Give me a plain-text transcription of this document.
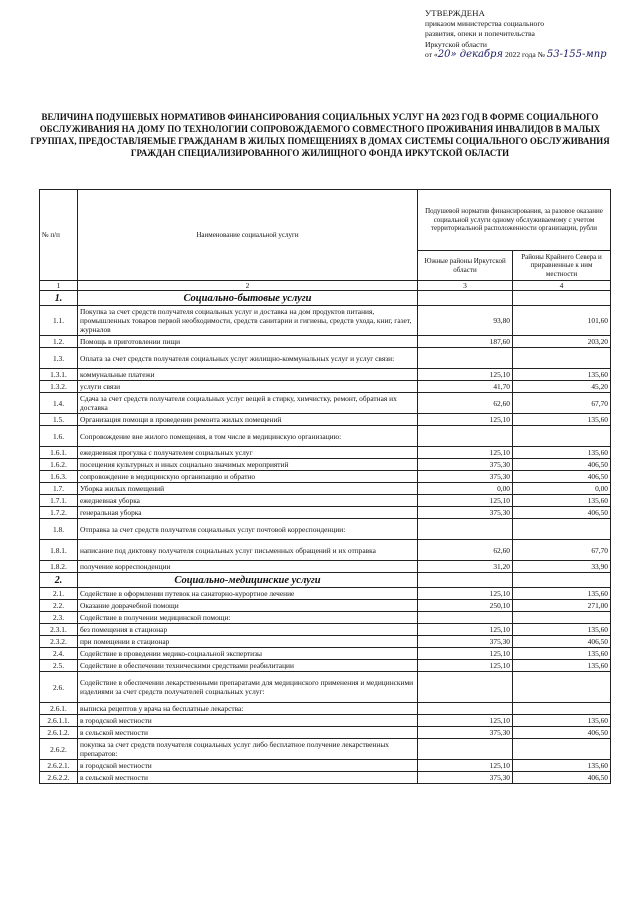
УТВЕРЖДЕНА
приказом министерства социального
развития, опеки и попечительства
Иркутской области
от «20» декабря 2022 года № 53-155-мпр
ВЕЛИЧИНА ПОДУШЕВЫХ НОРМАТИВОВ ФИНАНСИРОВАНИЯ СОЦИАЛЬНЫХ УСЛУГ НА 2023 ГОД В ФОРМЕ СОЦИАЛЬНОГО ОБСЛУЖИВАНИЯ НА ДОМУ ПО ТЕХНОЛОГИИ СОПРОВОЖДАЕМОГО СОВМЕСТНОГО ПРОЖИВАНИЯ ИНВАЛИДОВ В МАЛЫХ ГРУППАХ, ПРЕДОСТАВЛЯЕМЫЕ ГРАЖДАНАМ В ЖИЛЫХ ПОМЕЩЕНИЯХ В ДОМАХ СИСТЕМЫ СОЦИАЛЬНОГО ОБСЛУЖИВАНИЯ ГРАЖДАН СПЕЦИАЛИЗИРОВАННОГО ЖИЛИЩНОГО ФОНДА ИРКУТСКОЙ ОБЛАСТИ
№ п/п	Наименование социальной услуги	Подушевой норматив финансирования, за разовое оказание социальной услуги одному обслуживаемому с учетом территориальной расположенности организации, рубли	
		Южные районы Иркутской области	Районы Крайнего Севера и приравненные к ним местности
1	2	3	4
1.	Социально-бытовые услуги		
1.1.	Покупка за счет средств получателя социальных услуг и доставка на дом продуктов питания, промышленных товаров первой необходимости, средств санитарии и гигиены, средств ухода, книг, газет, журналов	93,80	101,60
1.2.	Помощь в приготовлении пищи	187,60	203,20
1.3.	Оплата за счет средств получателя социальных услуг жилищно-коммунальных услуг и услуг связи:		
1.3.1.	коммунальные платежи	125,10	135,60
1.3.2.	услуги связи	41,70	45,20
1.4.	Сдача за счет средств получателя социальных услуг вещей в стирку, химчистку, ремонт, обратная их доставка	62,60	67,70
1.5.	Организация помощи в проведении ремонта жилых помещений	125,10	135,60
1.6.	Сопровождение вне жилого помещения, в том числе в медицинскую организацию:		
1.6.1.	ежедневная прогулка с получателем социальных услуг	125,10	135,60
1.6.2.	посещения культурных и иных социально значимых мероприятий	375,30	406,50
1.6.3.	сопровождение в медицинскую организацию и обратно	375,30	406,50
1.7.	Уборка жилых помещений	0,00	0,00
1.7.1.	ежедневная уборка	125,10	135,60
1.7.2.	генеральная уборка	375,30	406,50
1.8.	Отправка за счет средств получателя социальных услуг почтовой корреспонденции:		
1.8.1.	написание под диктовку получателя социальных услуг письменных обращений и их отправка	62,60	67,70
1.8.2.	получение корреспонденции	31,20	33,90
2.	Социально-медицинские услуги		
2.1.	Содействие в оформлении путевок на санаторно-курортное лечение	125,10	135,60
2.2.	Оказание доврачебной помощи	250,10	271,00
2.3.	Содействие в получении медицинской помощи:		
2.3.1.	без помещения в стационар	125,10	135,60
2.3.2.	при помещении в стационар	375,30	406,50
2.4.	Содействие в проведении медико-социальной экспертизы	125,10	135,60
2.5.	Содействие в обеспечении техническими средствами реабилитации	125,10	135,60
2.6.	Содействие в обеспечении лекарственными препаратами для медицинского применения и медицинскими изделиями за счет средств получателей социальных услуг:		
2.6.1.	выписка рецептов у врача на бесплатные лекарства:		
2.6.1.1.	в городской местности	125,10	135,60
2.6.1.2.	в сельской местности	375,30	406,50
2.6.2.	покупка за счет средств получателя социальных услуг либо бесплатное получение лекарственных препаратов:		
2.6.2.1.	в городской местности	125,10	135,60
2.6.2.2.	в сельской местности	375,30	406,50
